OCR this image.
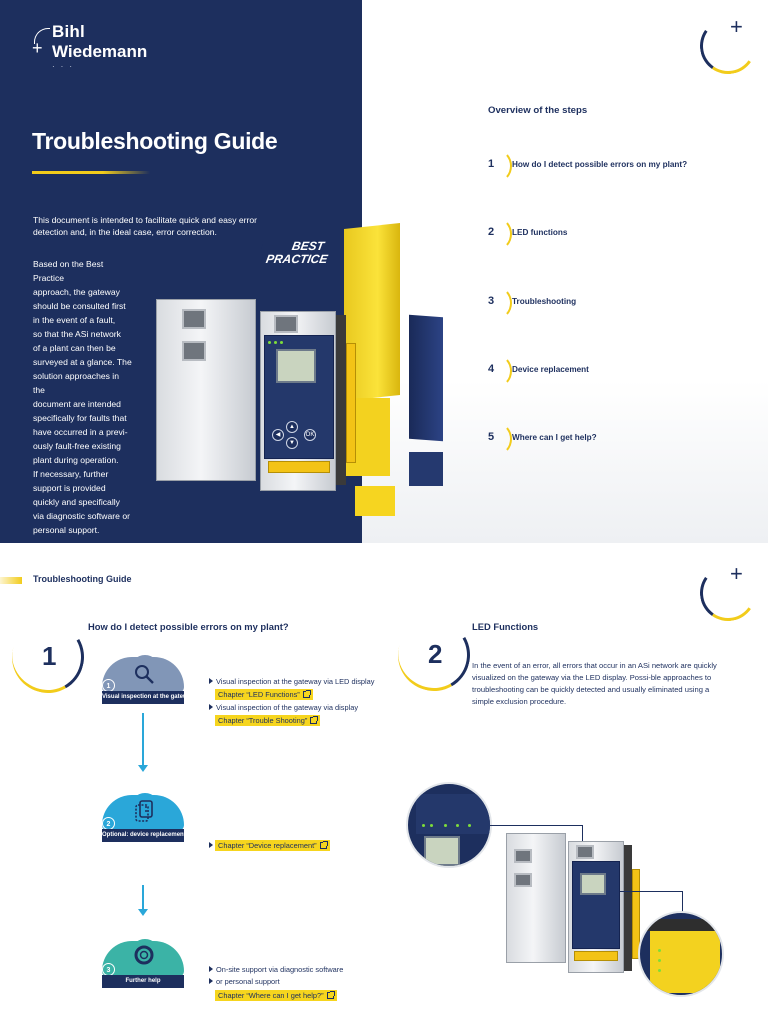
+
Bihl
Wiedemann
···
Troubleshooting Guide
This document is intended to facilitate quick and easy error detection and, in the ideal case, error correction.
Based on the Best Practice
approach, the gateway
should be consulted first
in the event of a fault,
so that the ASi network
of a plant can then be
surveyed at a glance. The
solution approaches in the
document are intended
specifically for faults that
have occurred in a previ-
ously fault-free existing
plant during operation.
If necessary, further
support is provided
quickly and specifically
via diagnostic software or
personal support.
▲
▼
OK
◀
BEST
PRACTICE
+
Overview of the steps
1 How do I detect possible errors on my plant?
2 LED functions
3 Troubleshooting
4 Device replacement
5 Where can I get help?
Troubleshooting Guide	+
1
How do I detect possible errors on my plant?
1
Visual inspection at the gateway
2
Optional: device replacement
3
Further help
Visual inspection at the gateway via LED display
Chapter “LED Functions”
Visual inspection of the gateway via display
Chapter “Trouble Shooting”
Chapter “Device replacement”
On-site support via diagnostic software
or personal support
Chapter “Where can I get help?”
2
LED Functions
In the event of an error, all errors that occur in an ASi network are quickly visualized on the gateway via the LED display. Possi-ble approaches to troubleshooting can be quickly detected and usually eliminated using a simple exclusion procedure.
